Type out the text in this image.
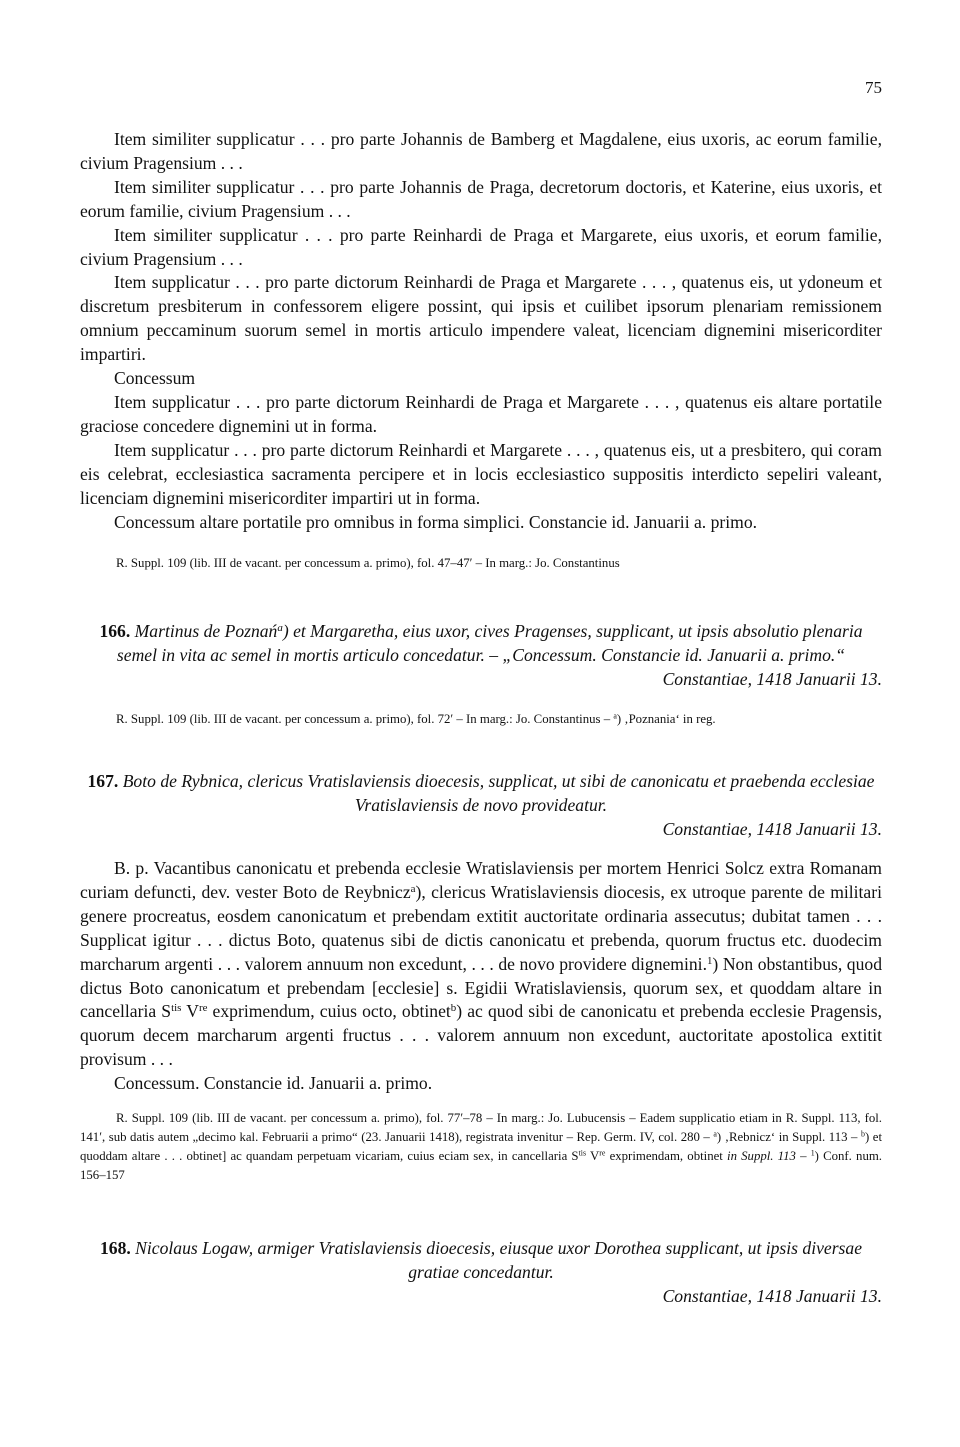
75

Item similiter supplicatur . . . pro parte Johannis de Bamberg et Magdalene, eius uxoris, ac eorum familie, civium Pragensium . . .

Item similiter supplicatur . . . pro parte Johannis de Praga, decretorum doctoris, et Katerine, eius uxoris, et eorum familie, civium Pragensium . . .

Item similiter supplicatur . . . pro parte Reinhardi de Praga et Margarete, eius uxoris, et eorum familie, civium Pragensium . . .

Item supplicatur . . . pro parte dictorum Reinhardi de Praga et Margarete . . . , quatenus eis, ut ydoneum et discretum presbiterum in confessorem eligere possint, qui ipsis et cuilibet ipsorum plenariam remissionem omnium peccaminum suorum semel in mortis articulo impendere valeat, licenciam dignemini misericorditer impartiri.

Concessum

Item supplicatur . . . pro parte dictorum Reinhardi de Praga et Margarete . . . , quatenus eis altare portatile graciose concedere dignemini ut in forma.

Item supplicatur . . . pro parte dictorum Reinhardi et Margarete . . . , quatenus eis, ut a presbitero, qui coram eis celebrat, ecclesiastica sacramenta percipere et in locis ecclesiastico suppositis interdicto sepeliri valeant, licenciam dignemini misericorditer impartiri ut in forma.

Concessum altare portatile pro omnibus in forma simplici. Constancie id. Januarii a. primo.

R. Suppl. 109 (lib. III de vacant. per concessum a. primo), fol. 47–47′ – In marg.: Jo. Constantinus

166. Martinus de Poznań$^a$) et Margaretha, eius uxor, cives Pragenses, supplicant, ut ipsis absolutio plenaria semel in vita ac semel in mortis articulo concedatur. – „Concessum. Constancie id. Januarii a. primo.“

Constantiae, 1418 Januarii 13.

R. Suppl. 109 (lib. III de vacant. per concessum a. primo), fol. 72′ – In marg.: Jo. Constantinus – $^a$) ‚Poznania‘ in reg.

167. Boto de Rybnica, clericus Vratislaviensis dioecesis, supplicat, ut sibi de canonicatu et praebenda ecclesiae Vratislaviensis de novo provideatur.

Constantiae, 1418 Januarii 13.

B. p. Vacantibus canonicatu et prebenda ecclesie Wratislaviensis per mortem Henrici Solcz extra Romanam curiam defuncti, dev. vester Boto de Reybnicz$^a$), clericus Wratislaviensis diocesis, ex utroque parente de militari genere procreatus, eosdem canonicatum et prebendam extitit auctoritate ordinaria assecutus; dubitat tamen . . . Supplicat igitur . . . dictus Boto, quatenus sibi de dictis canonicatu et prebenda, quorum fructus etc. duodecim marcharum argenti . . . valorem annuum non excedunt, . . . de novo providere dignemini.$^1$) Non obstantibus, quod dictus Boto canonicatum et prebendam [ecclesie] s. Egidii Wratislaviensis, quorum sex, et quoddam altare in cancellaria $S^{tis}$ Vre exprimendum, cuius octo, obtinet$^b$) ac quod sibi de canonicatu et prebenda ecclesie Pragensis, quorum decem marcharum argenti fructus . . . valorem annuum non excedunt, auctoritate apostolica extitit provisum . . .

Concessum. Constancie id. Januarii a. primo.

R. Suppl. 109 (lib. III de vacant. per concessum a. primo), fol. 77′–78 – In marg.: Jo. Lubucensis – Eadem supplicatio etiam in R. Suppl. 113, fol. 141′, sub datis autem „decimo kal. Februarii a primo“ (23. Januarii 1418), registrata invenitur – Rep. Germ. IV, col. 280 – $^a$) ‚Rebnicz‘ in Suppl. 113 – $^b$) et quoddam altare . . . obtinet] ac quandam perpetuam vicariam, cuius eciam sex, in cancellaria $S^{tis}$ Vre exprimendam, obtinet in Suppl. 113 – $^1$) Conf. num. 156–157

168. Nicolaus Logaw, armiger Vratislaviensis dioecesis, eiusque uxor Dorothea supplicant, ut ipsis diversae gratiae concedantur.

Constantiae, 1418 Januarii 13.
